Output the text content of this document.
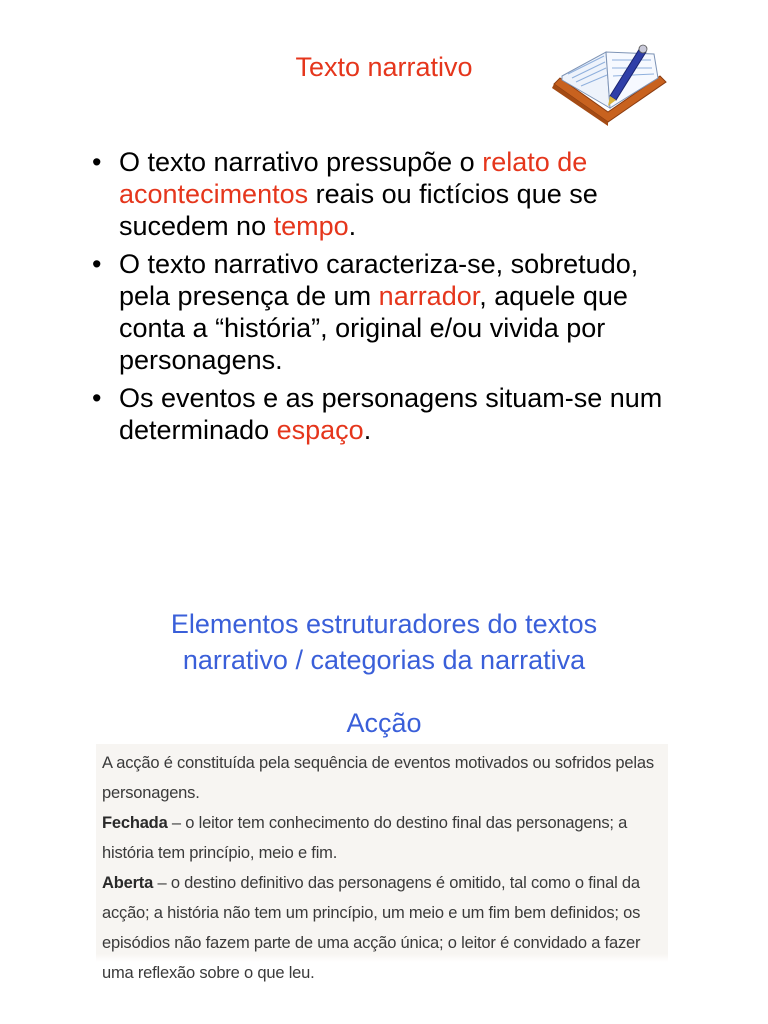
Texto narrativo
• O texto narrativo pressupõe o relato de acontecimentos reais ou fictícios que se sucedem no tempo.
• O texto narrativo caracteriza-se, sobretudo, pela presença de um narrador, aquele que conta a “história”, original e/ou vivida por personagens.
• Os eventos e as personagens situam-se num determinado espaço.
Elementos estruturadores do textos
narrativo / categorias da narrativa
Acção

A acção é constituída pela sequência de eventos motivados ou sofridos pelas personagens.

Fechada – o leitor tem conhecimento do destino final das personagens; a história tem princípio, meio e fim.

Aberta – o destino definitivo das personagens é omitido, tal como o final da acção; a história não tem um princípio, um meio e um fim bem definidos; os episódios não fazem parte de uma acção única; o leitor é convidado a fazer uma reflexão sobre o que leu.
